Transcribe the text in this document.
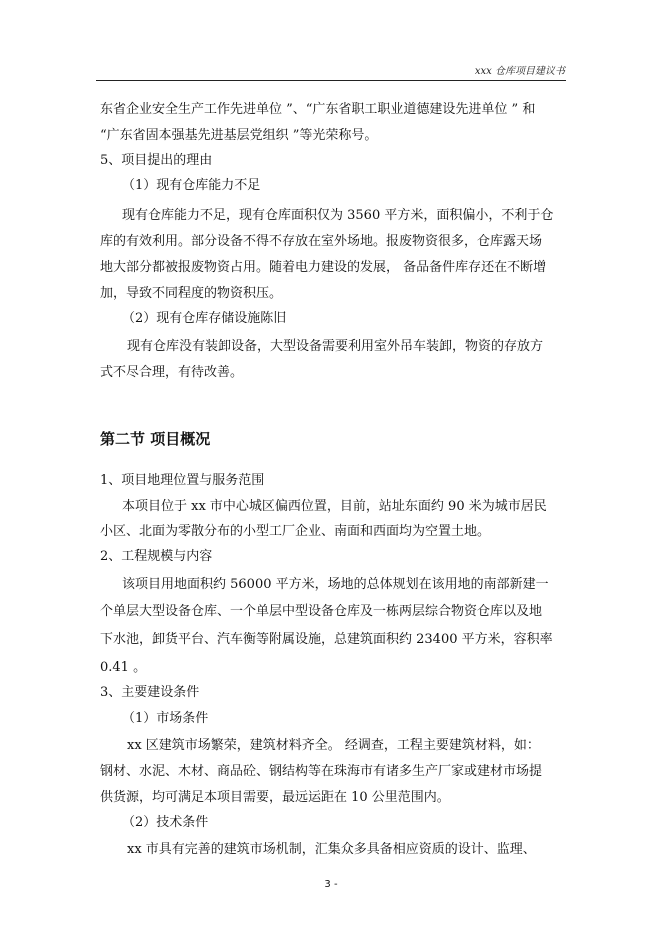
xxx 仓库项目建议书
东省企业安全生产工作先进单位 ”、“广东省职工职业道德建设先进单位 ” 和
“广东省固本强基先进基层党组织 ”等光荣称号。
5、项目提出的理由
（1）现有仓库能力不足
现有仓库能力不足，现有仓库面积仅为 3560 平方米，面积偏小，不利于仓
库的有效利用。部分设备不得不存放在室外场地。报废物资很多，仓库露天场
地大部分都被报废物资占用。随着电力建设的发展， 备品备件库存还在不断增
加，导致不同程度的物资积压。
（2）现有仓库存储设施陈旧
现有仓库没有装卸设备，大型设备需要利用室外吊车装卸，物资的存放方
式不尽合理，有待改善。
第二节 项目概况
1、项目地理位置与服务范围
本项目位于 xx 市中心城区偏西位置，目前，站址东面约 90 米为城市居民
小区、北面为零散分布的小型工厂企业、南面和西面均为空置土地。
2、工程规模与内容
该项目用地面积约 56000 平方米，场地的总体规划在该用地的南部新建一
个单层大型设备仓库、一个单层中型设备仓库及一栋两层综合物资仓库以及地
下水池，卸货平台、汽车衡等附属设施，总建筑面积约 23400 平方米，容积率
0.41 。
3、主要建设条件
（1）市场条件
xx 区建筑市场繁荣，建筑材料齐全。 经调查，工程主要建筑材料，如：
钢材、水泥、木材、商品砼、钢结构等在珠海市有诸多生产厂家或建材市场提
供货源，均可满足本项目需要，最远运距在 10 公里范围内。
（2）技术条件
xx 市具有完善的建筑市场机制，汇集众多具备相应资质的设计、监理、
3 -
